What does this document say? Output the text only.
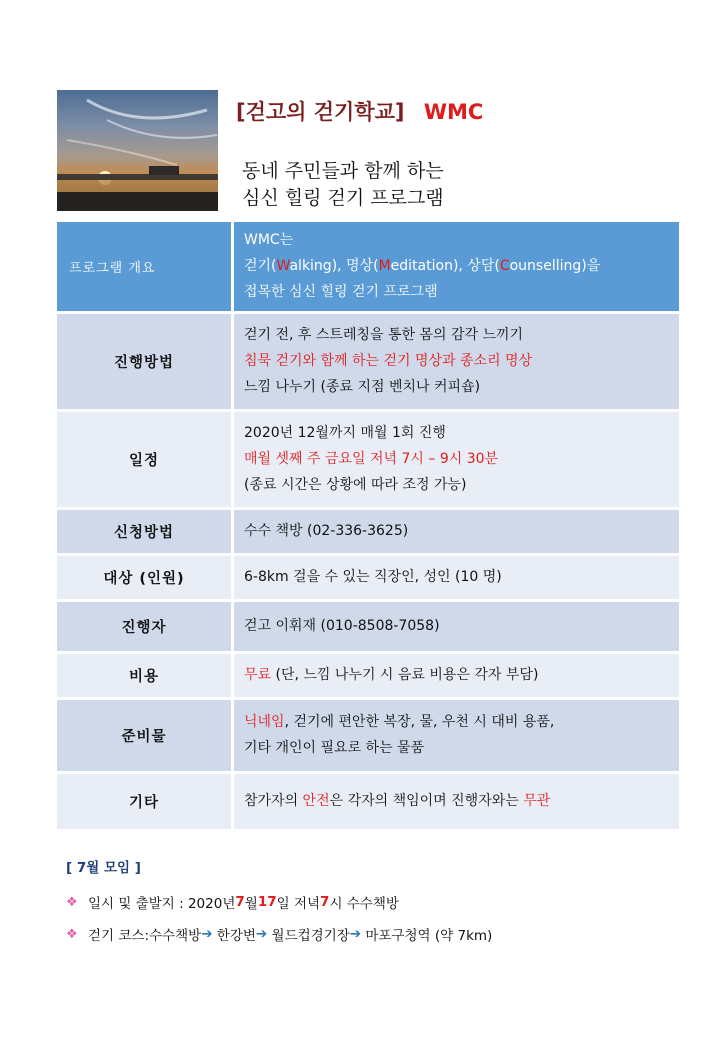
[걷고의 걷기학교] WMC
동네 주민들과 함께 하는
심신 힐링 걷기 프로그램
프로그램 개요	WMC는
걷기(Walking), 명상(Meditation), 상담(Counselling)을
접목한 심신 힐링 걷기 프로그램

진행방법	걷기 전, 후 스트레칭을 통한 몸의 감각 느끼기
침묵 걷기와 함께 하는 걷기 명상과 종소리 명상
느낌 나누기 (종료 지점 벤치나 커피숍)

일정	2020년 12월까지 매월 1회 진행
매월 셋째 주 금요일 저녁 7시 – 9시 30분
(종료 시간은 상황에 따라 조정 가능)

신청방법	수수 책방 (02-336-3625)
대상 (인원)	6-8km 걸을 수 있는 직장인, 성인 (10 명)
진행자	걷고 이휘재 (010-8508-7058)
비용	무료 (단, 느낌 나누기 시 음료 비용은 각자 부담)
준비물	닉네임, 걷기에 편안한 복장, 물, 우천 시 대비 용품,
기타 개인이 필요로 하는 물품

기타	참가자의 안전은 각자의 책임이며 진행자와는 무관
[ 7월 모임 ]
❖ 일시 및 출발지 : 2020년 7 월 17 일 저녁 7 시 수수책방
❖ 걷기 코스: 수수책방 ➔
한강변 ➔
월드컵경기장 ➔
마포구청역 (약 7km)
